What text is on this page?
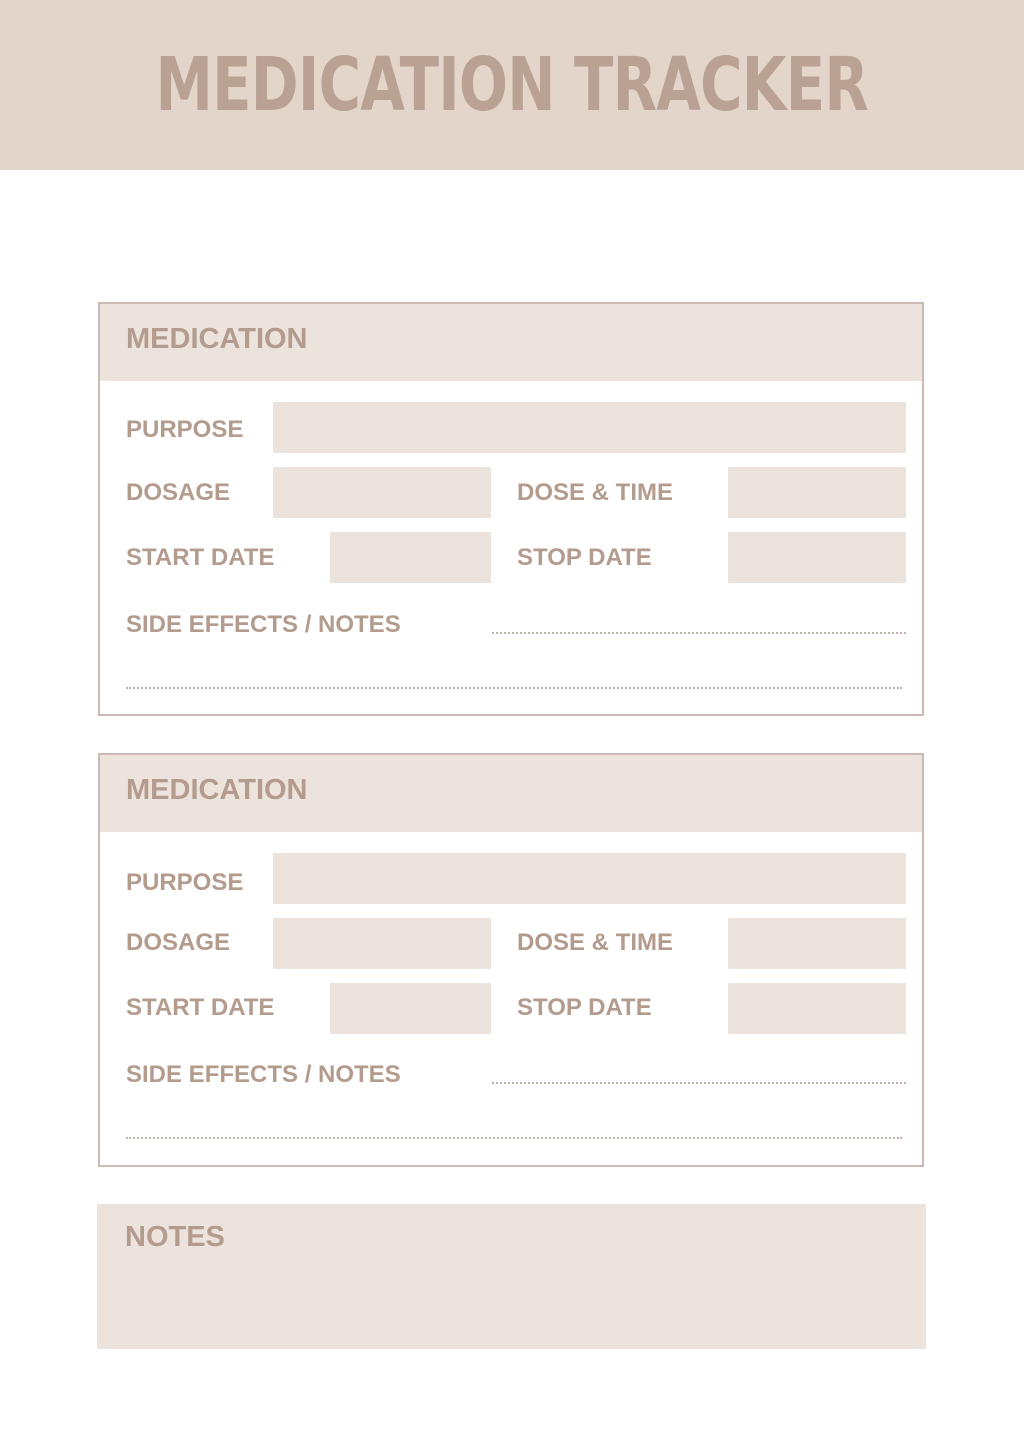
MEDICATION TRACKER
MEDICATION
PURPOSE
DOSAGE	DOSE & TIME
START DATE	STOP DATE
SIDE EFFECTS / NOTES
MEDICATION
PURPOSE
DOSAGE	DOSE & TIME
START DATE	STOP DATE
SIDE EFFECTS / NOTES
NOTES
